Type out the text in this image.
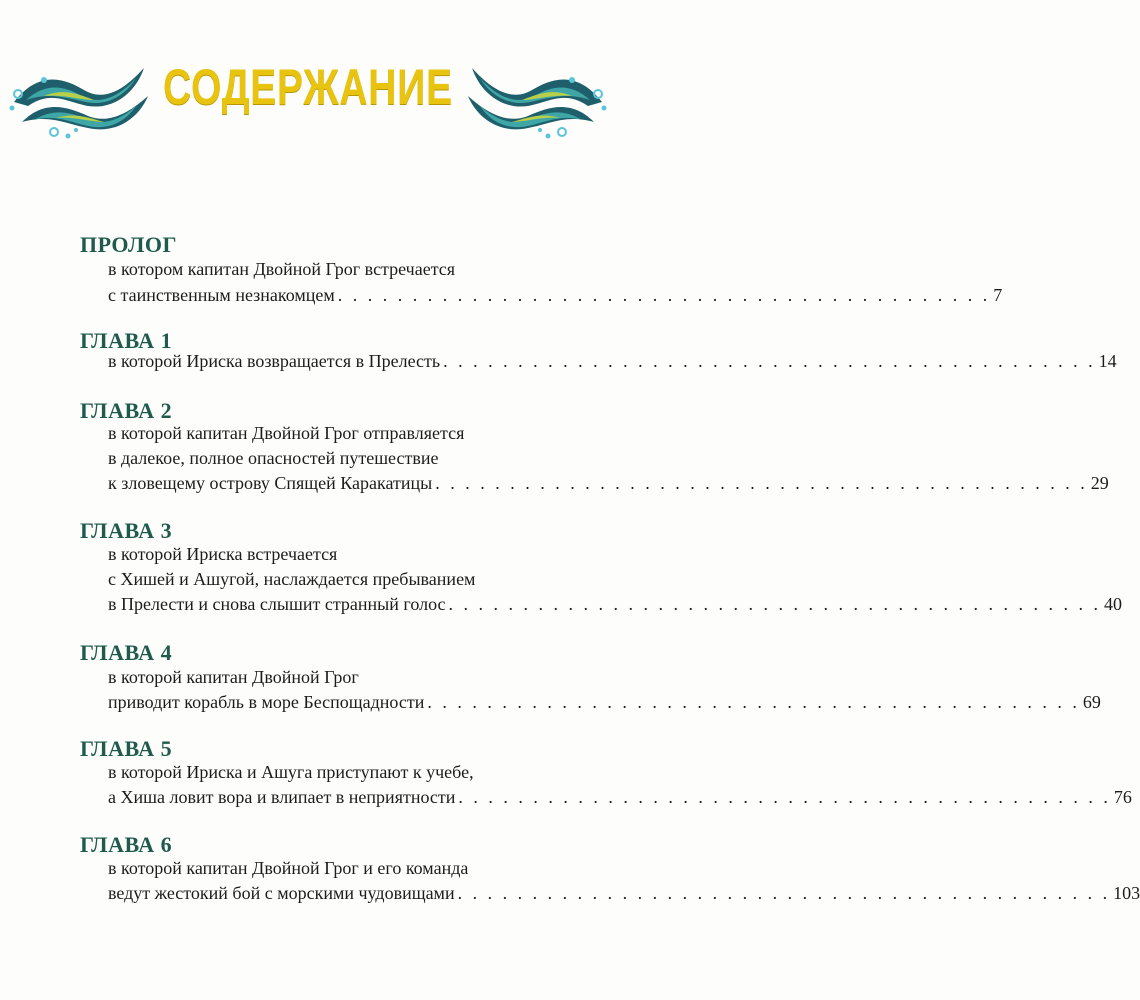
СОДЕРЖАНИЕ
ПРОЛОГ
в котором капитан Двойной Грог встречается
с таинственным незнакомцем . . . . . . . . . . . . . . . . . . . . . . . . . . . . . . . . . . . . . . . . . . . . 7
ГЛАВА 1
в которой Ириска возвращается в Прелесть . . . . . . . . . . . . . . . . . . . . . . . . . . . . . . . . . . . . . . . . . . . . 14
ГЛАВА 2
в которой капитан Двойной Грог отправляется
в далекое, полное опасностей путешествие
к зловещему острову Спящей Каракатицы . . . . . . . . . . . . . . . . . . . . . . . . . . . . . . . . . . . . . . . . . . . . 29
ГЛАВА 3
в которой Ириска встречается
с Хишей и Ашугой, наслаждается пребыванием
в Прелести и снова слышит странный голос . . . . . . . . . . . . . . . . . . . . . . . . . . . . . . . . . . . . . . . . . . . . 40
ГЛАВА 4
в которой капитан Двойной Грог
приводит корабль в море Беспощадности . . . . . . . . . . . . . . . . . . . . . . . . . . . . . . . . . . . . . . . . . . . . 69
ГЛАВА 5
в которой Ириска и Ашуга приступают к учебе,
а Хиша ловит вора и влипает в неприятности . . . . . . . . . . . . . . . . . . . . . . . . . . . . . . . . . . . . . . . . . . . . 76
ГЛАВА 6
в которой капитан Двойной Грог и его команда
ведут жестокий бой с морскими чудовищами . . . . . . . . . . . . . . . . . . . . . . . . . . . . . . . . . . . . . . . . . . . . 103
